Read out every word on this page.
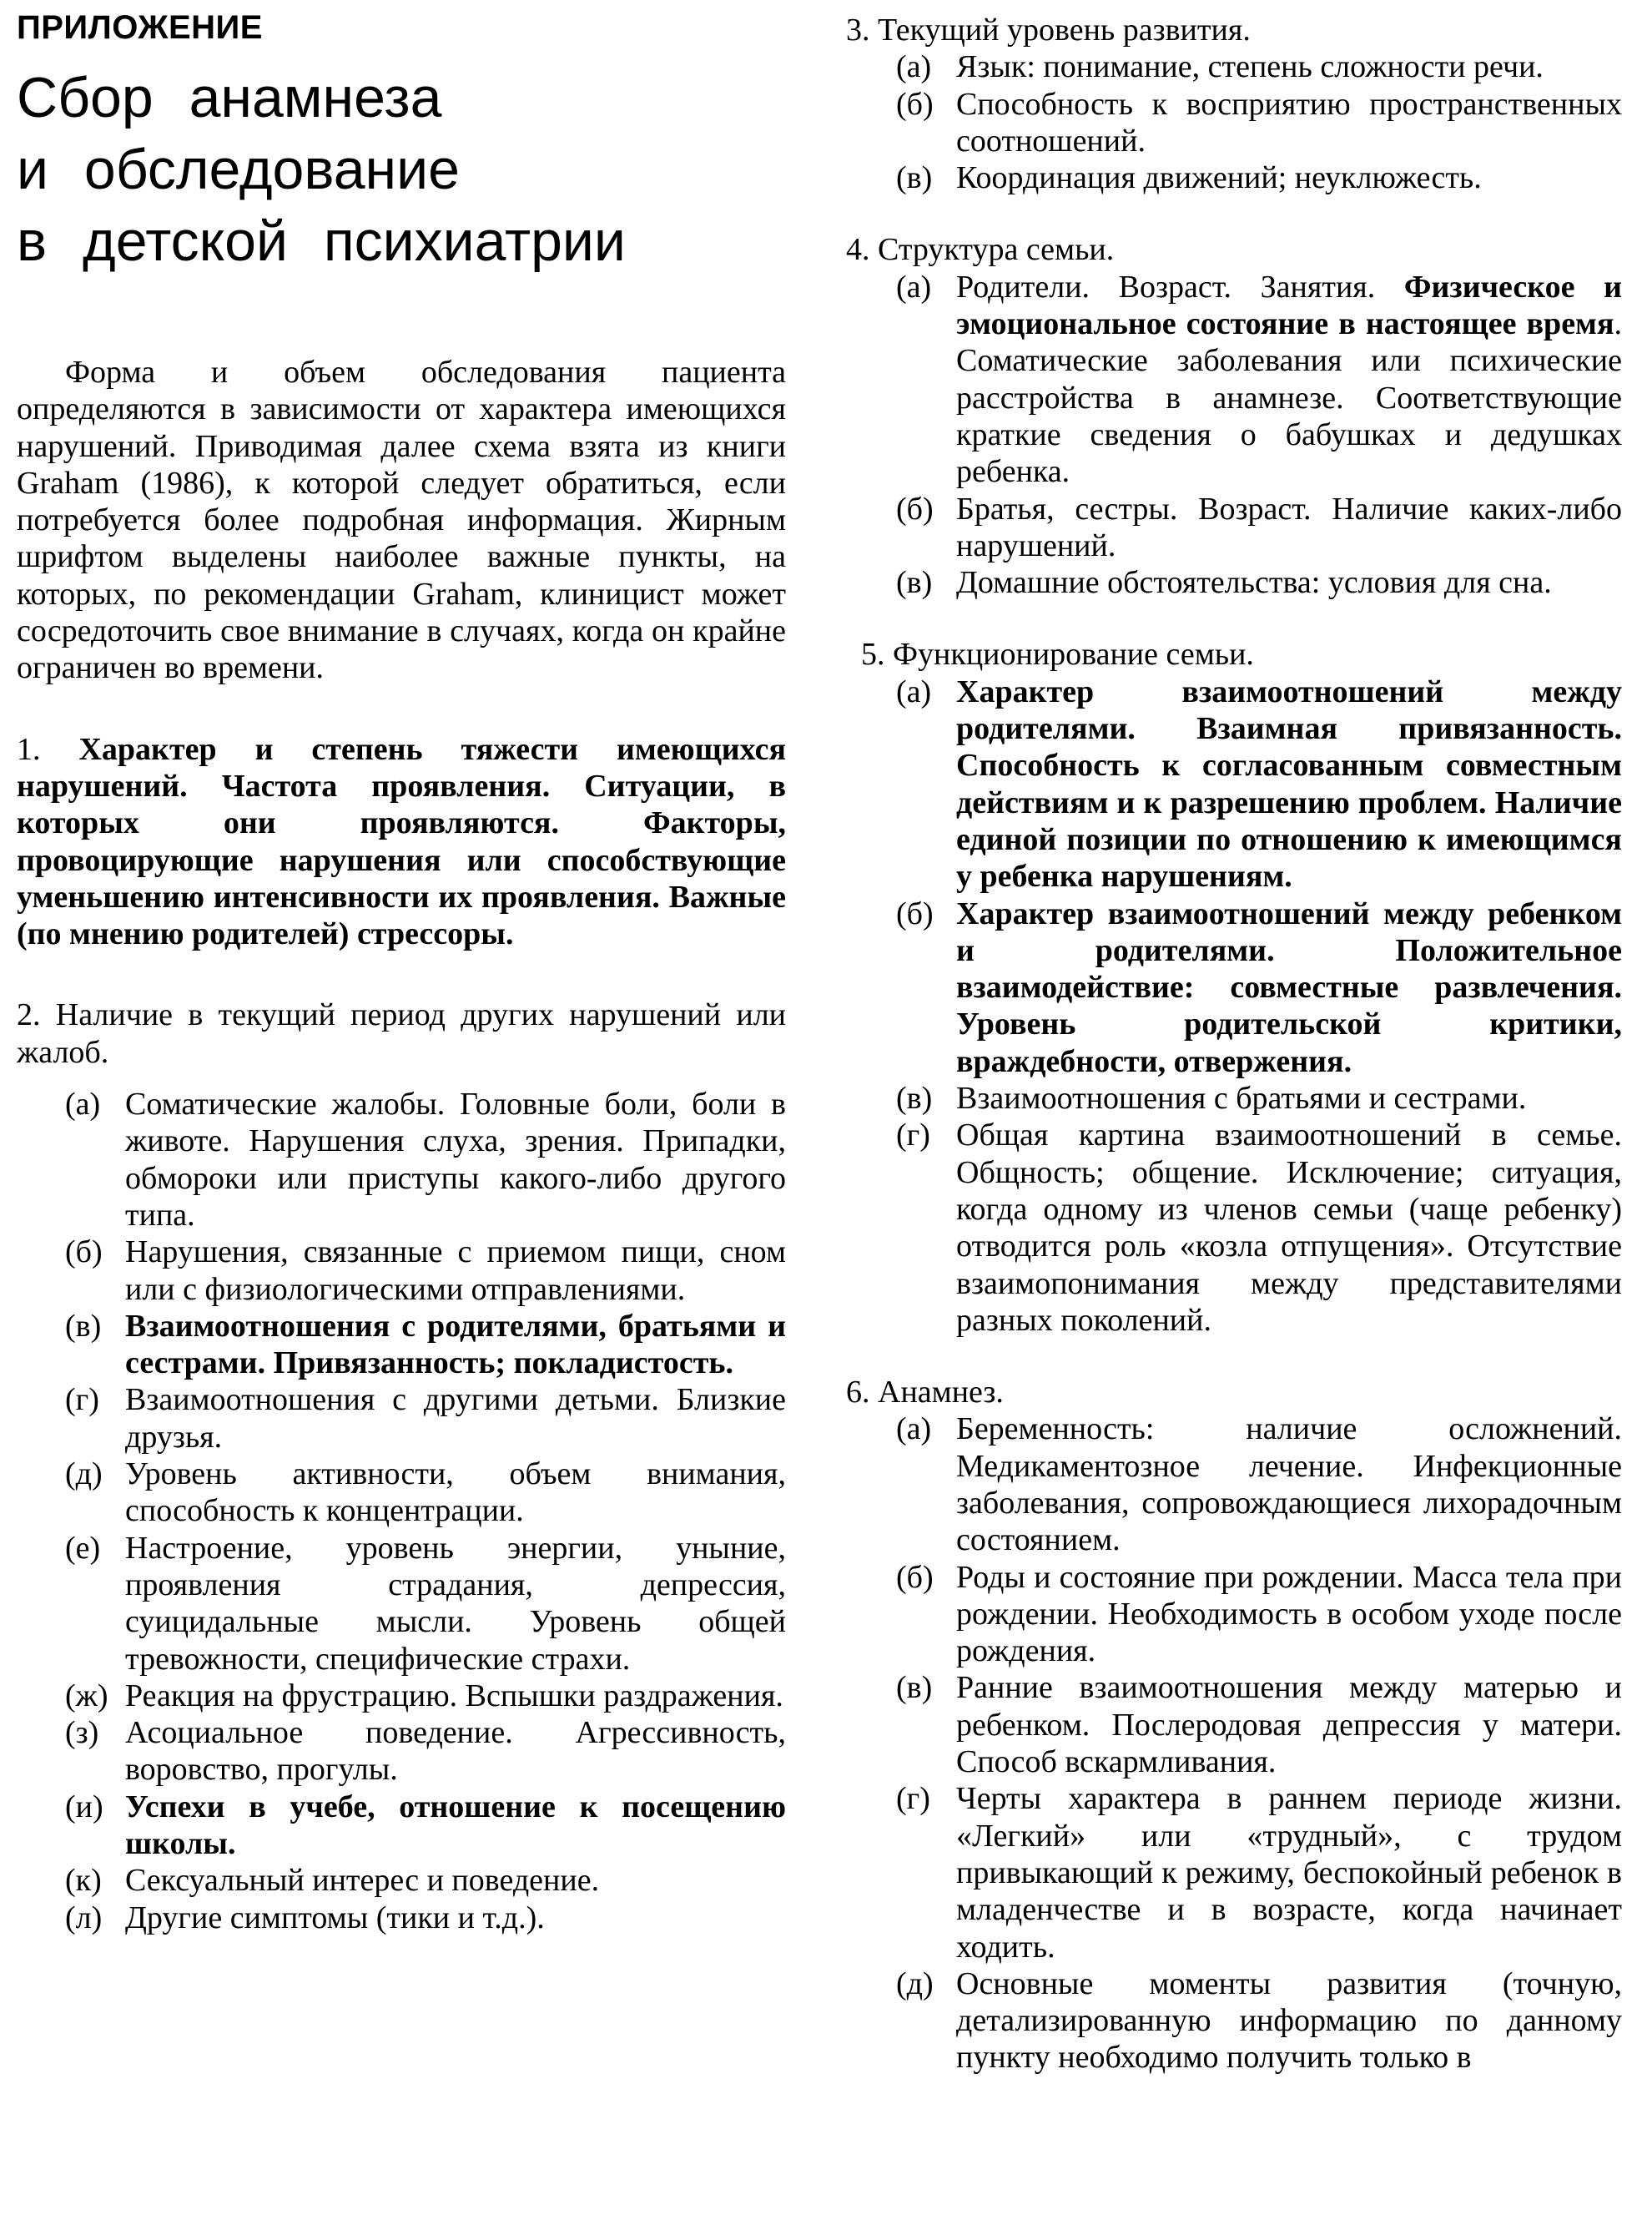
ПРИЛОЖЕНИЕ
Сбор анамнеза
и обследование
в детской психиатрии

Форма и объем обследования пациента определяются в зависимости от характера имеющихся нарушений. Приводимая далее схема взята из книги Graham (1986), к которой следует обратиться, если потребуется более подробная информация. Жирным шрифтом выделены наиболее важные пункты, на которых, по рекомендации Graham, клиницист может сосредоточить свое внимание в случаях, когда он крайне ограничен во времени.

1. Характер и степень тяжести имеющихся нарушений. Частота проявления. Ситуации, в которых они проявляются. Факторы, провоцирующие нарушения или способствующие уменьшению интенсивности их проявления. Важные (по мнению родителей) стрессоры.
2. Наличие в текущий период других нарушений или жалоб.
(а) Соматические жалобы. Головные боли, боли в животе. Нарушения слуха, зрения. Припадки, обмороки или приступы какого-либо другого типа.
(б) Нарушения, связанные с приемом пищи, сном или с физиологическими отправлениями.
(в) Взаимоотношения с родителями, братьями и сестрами. Привязанность; покладистость.
(г) Взаимоотношения с другими детьми. Близкие друзья.
(д) Уровень активности, объем внимания, способность к концентрации.
(е) Настроение, уровень энергии, уныние, проявления страдания, депрессия, суицидальные мысли. Уровень общей тревожности, специфические страхи.
(ж) Реакция на фрустрацию. Вспышки раздражения.
(з) Асоциальное поведение. Агрессивность, воровство, прогулы.
(и) Успехи в учебе, отношение к посещению школы.
(к) Сексуальный интерес и поведение.
(л) Другие симптомы (тики и т.д.).
3. Текущий уровень развития.
(а) Язык: понимание, степень сложности речи.
(б) Способность к восприятию пространственных соотношений.
(в) Координация движений; неуклюжесть.
4. Структура семьи.
(а) Родители. Возраст. Занятия. Физическое и эмоциональное состояние в настоящее время. Соматические заболевания или психические расстройства в анамнезе. Соответствующие краткие сведения о бабушках и дедушках ребенка.
(б) Братья, сестры. Возраст. Наличие каких-либо нарушений.
(в) Домашние обстоятельства: условия для сна.
5. Функционирование семьи.
(а) Характер взаимоотношений между родителями. Взаимная привязанность. Способность к согласованным совместным действиям и к разрешению проблем. Наличие единой позиции по отношению к имеющимся у ребенка нарушениям.
(б) Характер взаимоотношений между ребенком и родителями. Положительное взаимодействие: совместные развлечения. Уровень родительской критики, враждебности, отвержения.
(в) Взаимоотношения с братьями и сестрами.
(г) Общая картина взаимоотношений в семье. Общность; общение. Исключение; ситуация, когда одному из членов семьи (чаще ребенку) отводится роль «козла отпущения». Отсутствие взаимопонимания между представителями разных поколений.
6. Анамнез.
(а) Беременность: наличие осложнений. Медикаментозное лечение. Инфекционные заболевания, сопровождающиеся лихорадочным состоянием.
(б) Роды и состояние при рождении. Масса тела при рождении. Необходимость в особом уходе после рождения.
(в) Ранние взаимоотношения между матерью и ребенком. Послеродовая депрессия у матери. Способ вскармливания.
(г) Черты характера в раннем периоде жизни. «Легкий» или «трудный», с трудом привыкающий к режиму, беспокойный ребенок в младенчестве и в возрасте, когда начинает ходить.
(д) Основные моменты развития (точную, детализированную информацию по данному пункту необходимо получить только в
